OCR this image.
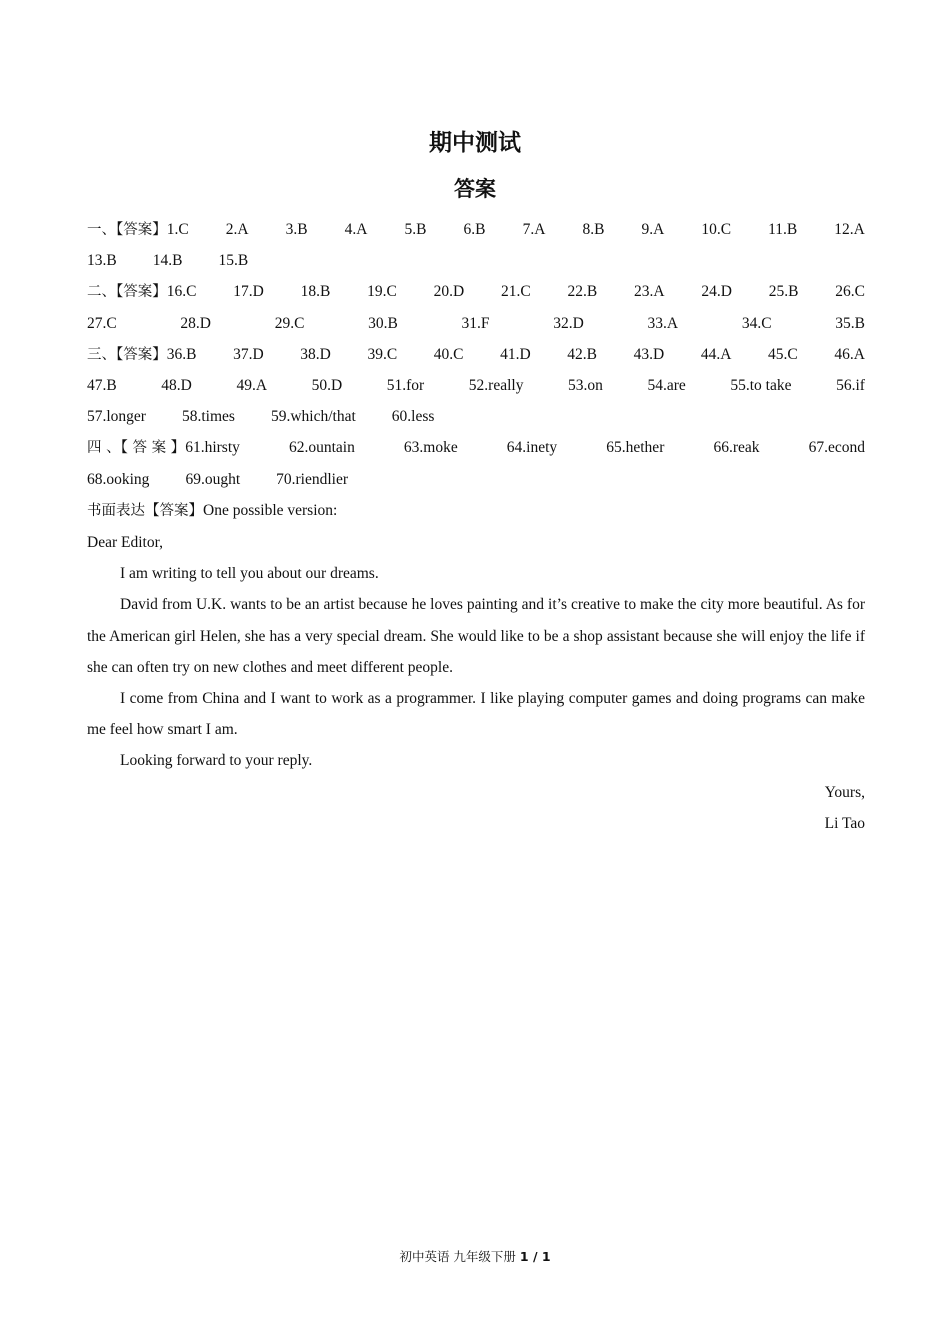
期中测试
答案
一、【答案】1.C 2.A 3.B 4.A 5.B 6.B 7.A 8.B 9.A 10.C 11.B 12.A
13.B 14.B 15.B
二、【答案】16.C 17.D 18.B 19.C 20.D 21.C 22.B 23.A 24.D 25.B 26.C
27.C	28.D	29.C	30.B	31.F	32.D	33.A	34.C	35.B
三、【答案】36.B 37.D 38.D 39.C 40.C 41.D 42.B 43.D 44.A 45.C 46.A
47.B	48.D	49.A	50.D	51.for	52.really	53.on	54.are	55.to take	56.if
57.longer 58.times 59.which/that 60.less
四 、【 答 案 】61.hirsty	62.ountain	63.moke	64.inety	65.hether	66.reak	67.econd
68.ooking 69.ought 70.riendlier

书面表达【答案】One possible version:

Dear Editor,

I am writing to tell you about our dreams.

David from U.K. wants to be an artist because he loves painting and it’s creative to make the city more beautiful. As for the American girl Helen, she has a very special dream. She would like to be a shop assistant because she will enjoy the life if she can often try on new clothes and meet different people.

I come from China and I want to work as a programmer. I like playing computer games and doing programs can make me feel how smart I am.

Looking forward to your reply.

Yours,

Li Tao

初中英语 九年级下册 1 / 1
